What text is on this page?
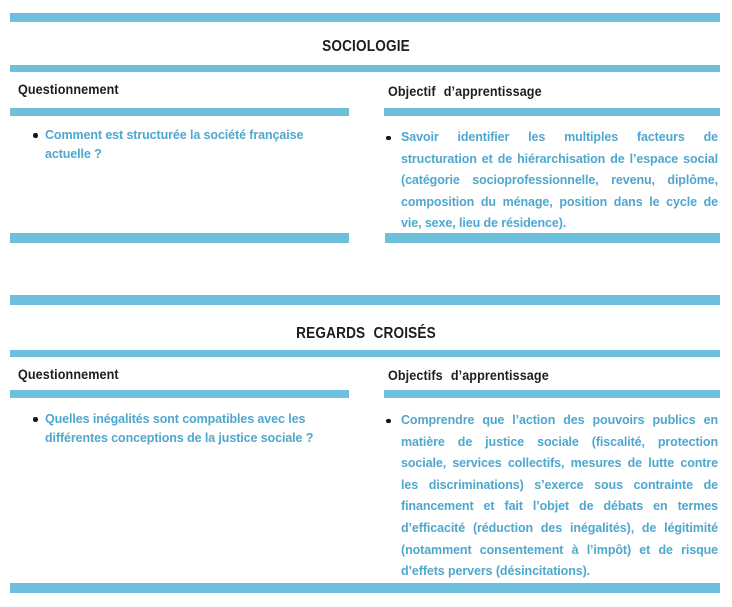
SOCIOLOGIE
Questionnement	Objectif d’apprentissage
Comment est structurée la société française actuelle ?
Savoir identifier les multiples facteurs de structuration et de hiérarchisation de l’espace social (catégorie socioprofessionnelle, revenu, diplôme, composition du ménage, position dans le cycle de vie, sexe, lieu de résidence).
REGARDS CROISÉS
Questionnement	Objectifs d’apprentissage
Quelles inégalités sont compatibles avec les différentes conceptions de la justice sociale ?
Comprendre que l’action des pouvoirs publics en matière de justice sociale (fiscalité, protection sociale, services collectifs, mesures de lutte contre les discriminations) s’exerce sous contrainte de financement et fait l’objet de débats en termes d’efficacité (réduction des inégalités), de légitimité (notamment consentement à l’impôt) et de risque d’effets pervers (désincitations).
